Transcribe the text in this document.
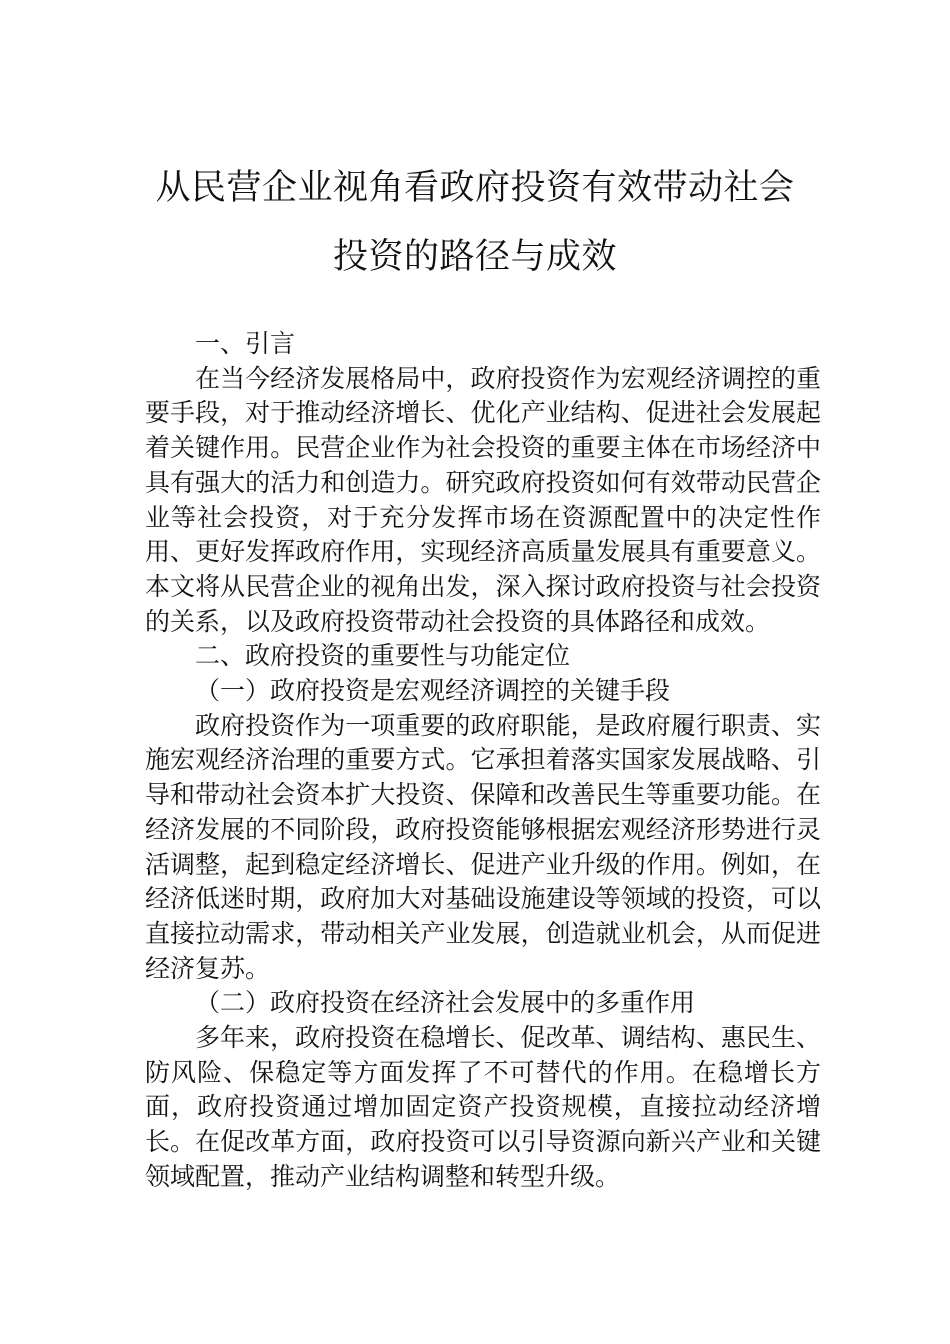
从民营企业视角看政府投资有效带动社会
投资的路径与成效

一、引言

在当今经济发展格局中，政府投资作为宏观经济调控的重要手段，对于推动经济增长、优化产业结构、促进社会发展起着关键作用。民营企业作为社会投资的重要主体在市场经济中具有强大的活力和创造力。研究政府投资如何有效带动民营企业等社会投资，对于充分发挥市场在资源配置中的决定性作用、更好发挥政府作用，实现经济高质量发展具有重要意义。本文将从民营企业的视角出发，深入探讨政府投资与社会投资的关系，以及政府投资带动社会投资的具体路径和成效。

二、政府投资的重要性与功能定位

（一）政府投资是宏观经济调控的关键手段

政府投资作为一项重要的政府职能，是政府履行职责、实施宏观经济治理的重要方式。它承担着落实国家发展战略、引导和带动社会资本扩大投资、保障和改善民生等重要功能。在经济发展的不同阶段，政府投资能够根据宏观经济形势进行灵活调整，起到稳定经济增长、促进产业升级的作用。例如，在经济低迷时期，政府加大对基础设施建设等领域的投资，可以直接拉动需求，带动相关产业发展，创造就业机会，从而促进经济复苏。

（二）政府投资在经济社会发展中的多重作用

多年来，政府投资在稳增长、促改革、调结构、惠民生、防风险、保稳定等方面发挥了不可替代的作用。在稳增长方面，政府投资通过增加固定资产投资规模，直接拉动经济增长。在促改革方面，政府投资可以引导资源向新兴产业和关键领域配置，推动产业结构调整和转型升级。
